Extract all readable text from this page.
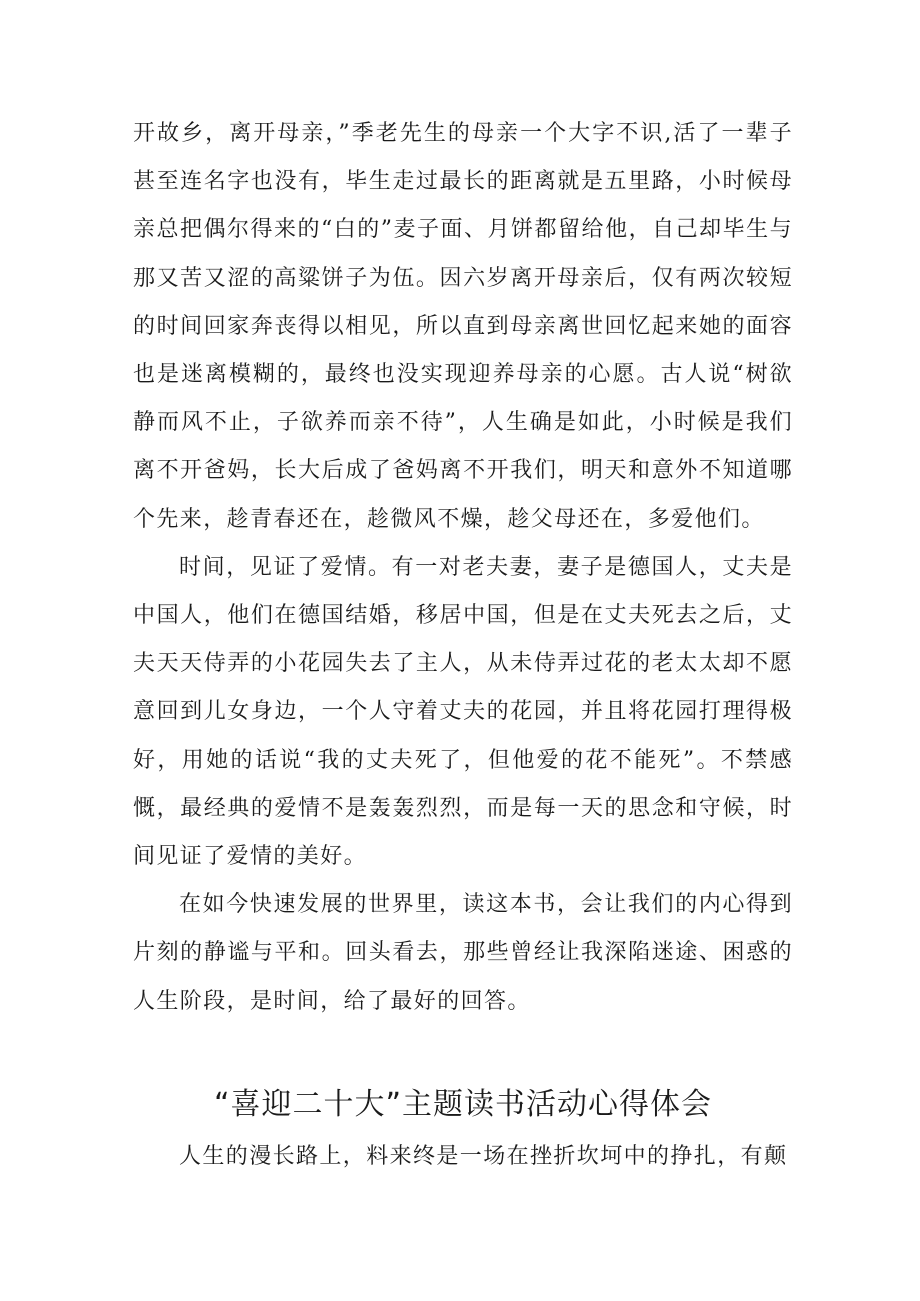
开故乡，离开母亲，”季老先生的母亲一个大字不识,活了一辈子甚至连名字也没有，毕生走过最长的距离就是五里路，小时候母亲总把偶尔得来的“白的”麦子面、月饼都留给他，自己却毕生与那又苦又涩的高粱饼子为伍。因六岁离开母亲后，仅有两次较短的时间回家奔丧得以相见，所以直到母亲离世回忆起来她的面容也是迷离模糊的，最终也没实现迎养母亲的心愿。古人说“树欲静而风不止，子欲养而亲不待”，人生确是如此，小时候是我们离不开爸妈，长大后成了爸妈离不开我们，明天和意外不知道哪个先来，趁青春还在，趁微风不燥，趁父母还在，多爱他们。

时间，见证了爱情。有一对老夫妻，妻子是德国人，丈夫是中国人，他们在德国结婚，移居中国，但是在丈夫死去之后，丈夫天天侍弄的小花园失去了主人，从未侍弄过花的老太太却不愿意回到儿女身边，一个人守着丈夫的花园，并且将花园打理得极好，用她的话说“我的丈夫死了，但他爱的花不能死”。不禁感慨，最经典的爱情不是轰轰烈烈，而是每一天的思念和守候，时间见证了爱情的美好。

在如今快速发展的世界里，读这本书，会让我们的内心得到片刻的静谧与平和。回头看去，那些曾经让我深陷迷途、困惑的人生阶段，是时间，给了最好的回答。

“喜迎二十大”主题读书活动心得体会

人生的漫长路上，料来终是一场在挫折坎坷中的挣扎，有颠
